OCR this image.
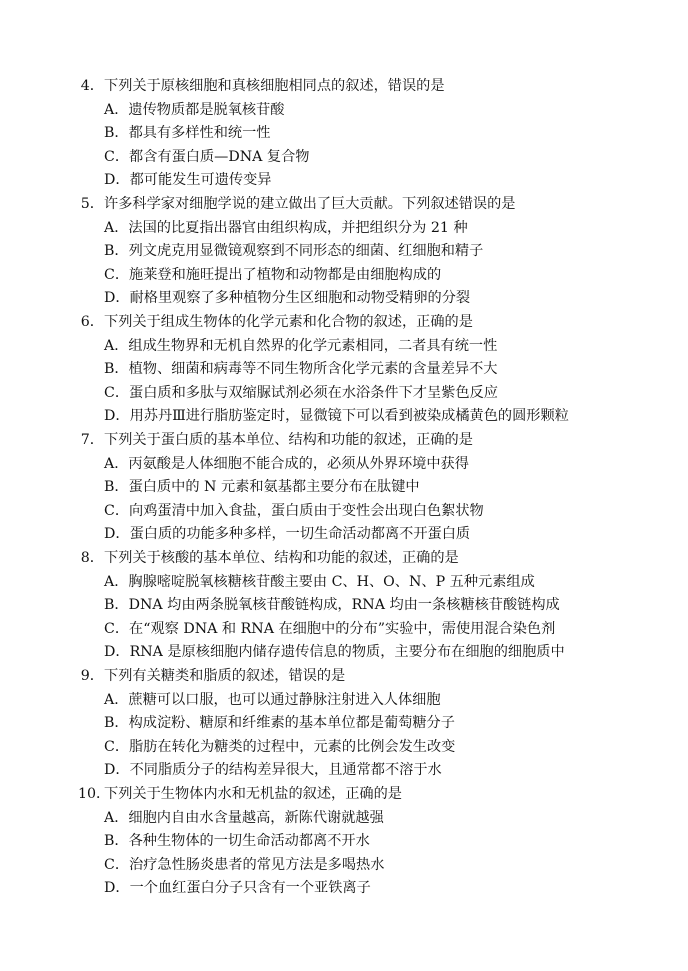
4．下列关于原核细胞和真核细胞相同点的叙述，错误的是
A．遗传物质都是脱氧核苷酸
B．都具有多样性和统一性
C．都含有蛋白质—DNA 复合物
D．都可能发生可遗传变异
5．许多科学家对细胞学说的建立做出了巨大贡献。下列叙述错误的是
A．法国的比夏指出器官由组织构成，并把组织分为 21 种
B．列文虎克用显微镜观察到不同形态的细菌、红细胞和精子
C．施莱登和施旺提出了植物和动物都是由细胞构成的
D．耐格里观察了多种植物分生区细胞和动物受精卵的分裂
6．下列关于组成生物体的化学元素和化合物的叙述，正确的是
A．组成生物界和无机自然界的化学元素相同，二者具有统一性
B．植物、细菌和病毒等不同生物所含化学元素的含量差异不大
C．蛋白质和多肽与双缩脲试剂必须在水浴条件下才呈紫色反应
D．用苏丹Ⅲ进行脂肪鉴定时，显微镜下可以看到被染成橘黄色的圆形颗粒
7．下列关于蛋白质的基本单位、结构和功能的叙述，正确的是
A．丙氨酸是人体细胞不能合成的，必须从外界环境中获得
B．蛋白质中的 N 元素和氨基都主要分布在肽键中
C．向鸡蛋清中加入食盐，蛋白质由于变性会出现白色絮状物
D．蛋白质的功能多种多样，一切生命活动都离不开蛋白质
8．下列关于核酸的基本单位、结构和功能的叙述，正确的是
A．胸腺嘧啶脱氧核糖核苷酸主要由 C、H、O、N、P 五种元素组成
B．DNA 均由两条脱氧核苷酸链构成，RNA 均由一条核糖核苷酸链构成
C．在“观察 DNA 和 RNA 在细胞中的分布”实验中，需使用混合染色剂
D．RNA 是原核细胞内储存遗传信息的物质，主要分布在细胞的细胞质中
9．下列有关糖类和脂质的叙述，错误的是
A．蔗糖可以口服，也可以通过静脉注射进入人体细胞
B．构成淀粉、糖原和纤维素的基本单位都是葡萄糖分子
C．脂肪在转化为糖类的过程中，元素的比例会发生改变
D．不同脂质分子的结构差异很大，且通常都不溶于水
10．下列关于生物体内水和无机盐的叙述，正确的是
A．细胞内自由水含量越高，新陈代谢就越强
B．各种生物体的一切生命活动都离不开水
C．治疗急性肠炎患者的常见方法是多喝热水
D．一个血红蛋白分子只含有一个亚铁离子
